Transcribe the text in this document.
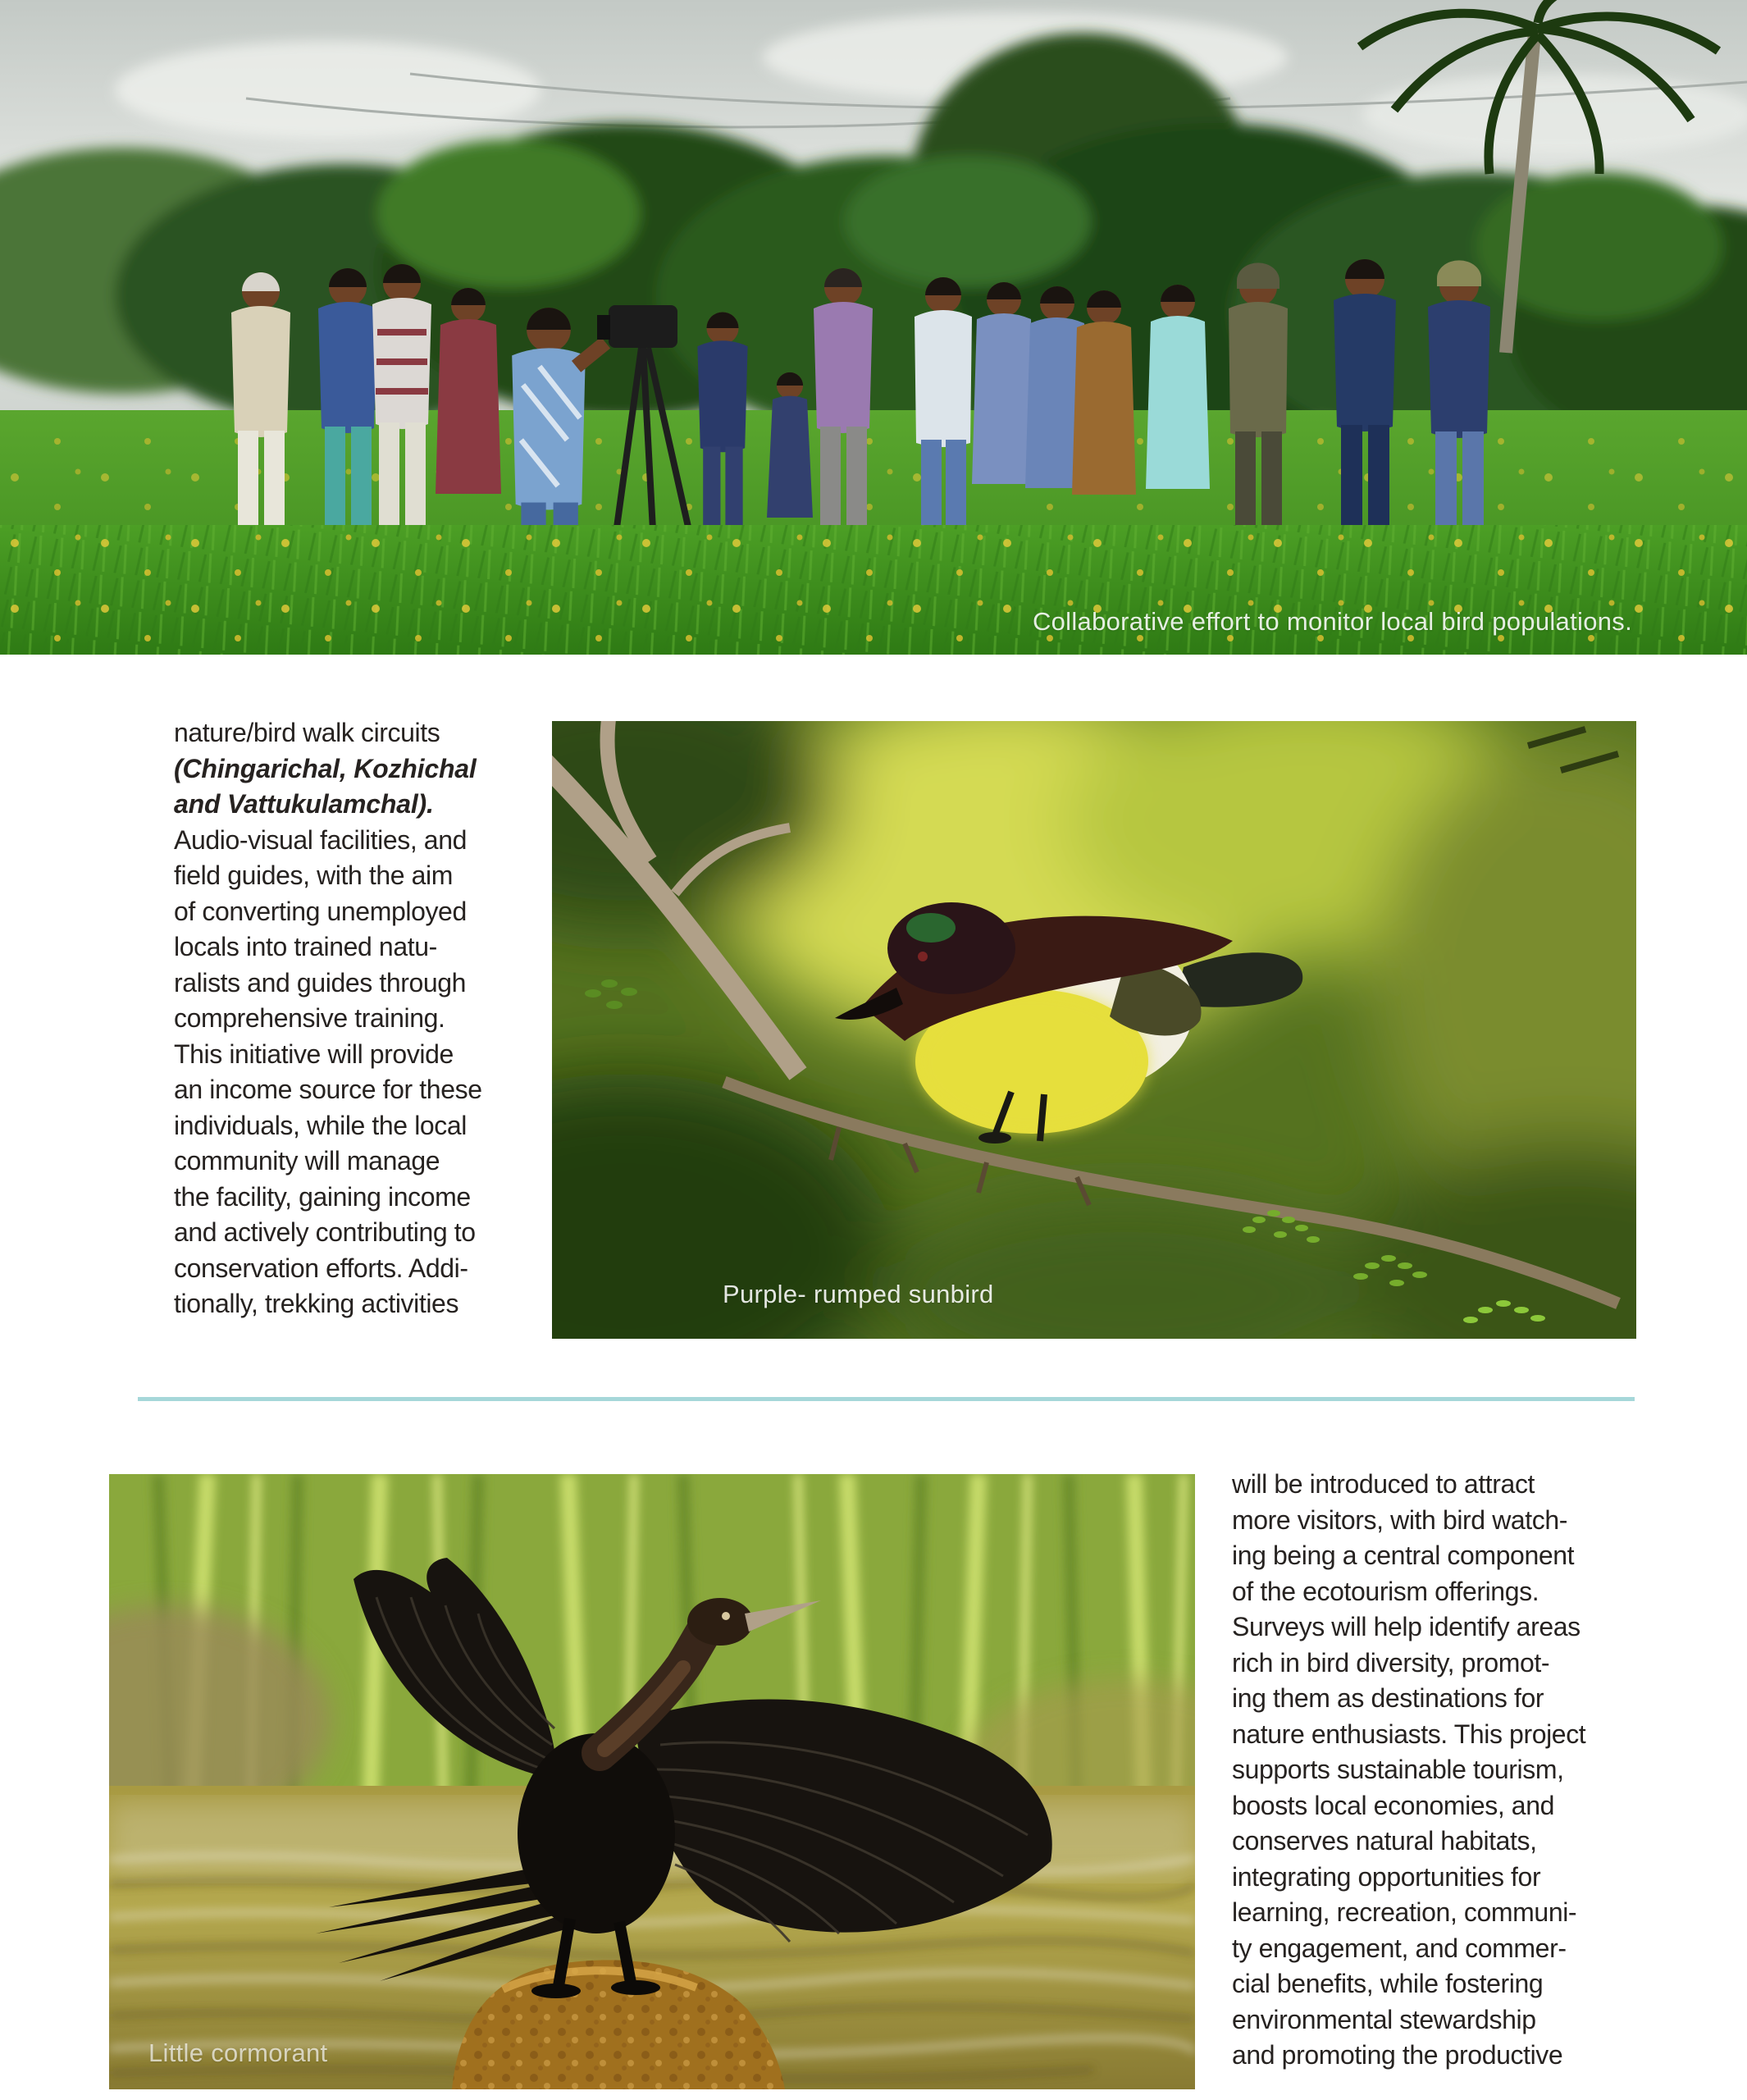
Collaborative effort to monitor local bird populations.
nature/bird walk circuits
(Chingarichal, Kozhichal
and Vattukulamchal).
Audio-visual facilities, and
field guides, with the aim
of converting unemployed
locals into trained natu-
ralists and guides through
comprehensive training.
This initiative will provide
an income source for these
individuals, while the local
community will manage
the facility, gaining income
and actively contributing to
conservation efforts. Addi-
tionally, trekking activities	Purple- rumped sunbird
Little cormorant
will be introduced to attract
more visitors, with bird watch-
ing being a central component
of the ecotourism offerings.
Surveys will help identify areas
rich in bird diversity, promot-
ing them as destinations for
nature enthusiasts. This project
supports sustainable tourism,
boosts local economies, and
conserves natural habitats,
integrating opportunities for
learning, recreation, communi-
ty engagement, and commer-
cial benefits, while fostering
environmental stewardship
and promoting the productive
